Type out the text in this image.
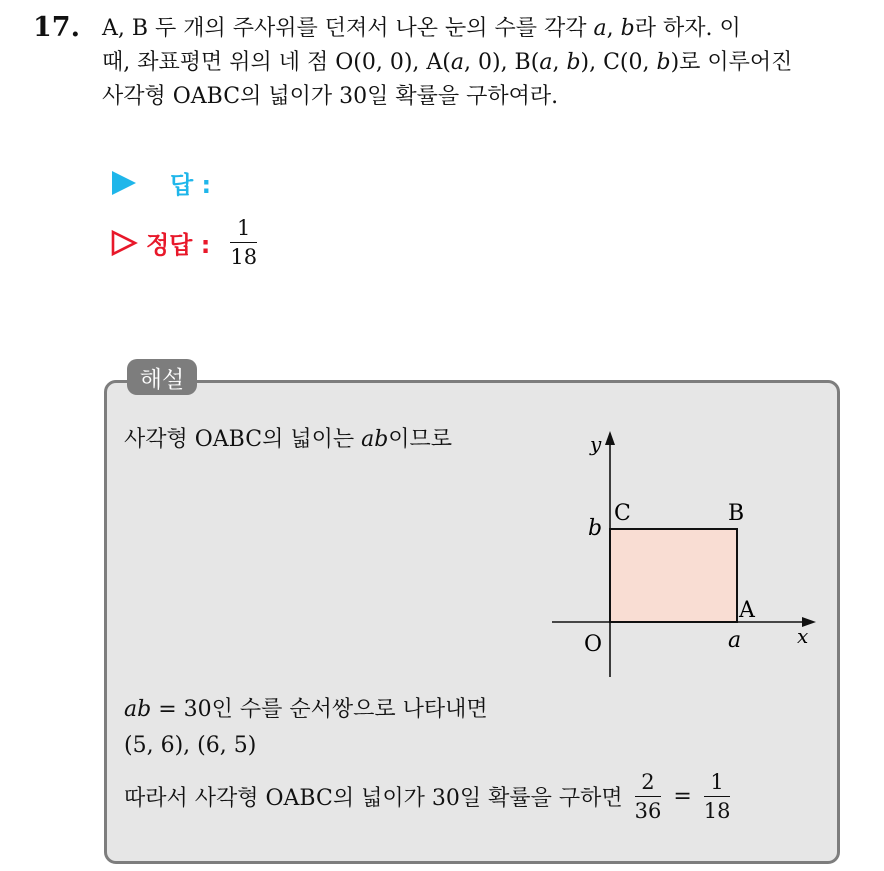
17. A, B 두 개의 주사위를 던져서 나온 눈의 수를 각각 a, b라 하자. 이
때, 좌표평면 위의 네 점 O(0, 0), A(a, 0), B(a, b), C(0, b)로 이루어진
사각형 OABC의 넓이가 30일 확률을 구하여라.
답 :
정답 : $\frac{1}{18}$
해설
사각형 OABC의 넓이는 ab이므로
ab = 30인 수를 순서쌍으로 나타내면
(5, 6), (6, 5)
따라서 사각형 OABC의 넓이가 30일 확률을 구하면 $\frac{2}{36} = \frac{1}{18}$
y
x
O	a
b
C	B
A
